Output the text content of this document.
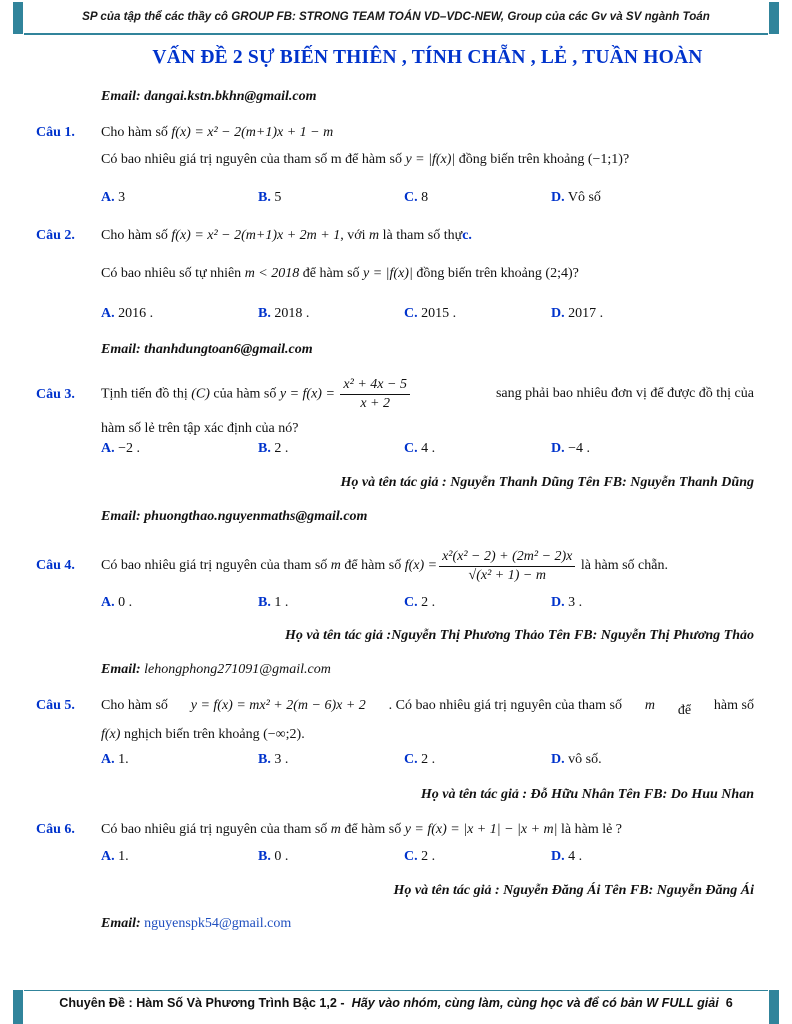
SP của tập thể các thầy cô GROUP FB: STRONG TEAM TOÁN VD–VDC-NEW, Group của các Gv và SV ngành Toán
VẤN ĐỀ 2 SỰ BIẾN THIÊN , TÍNH CHẴN , LẺ , TUẦN HOÀN
Email: dangai.kstn.bkhn@gmail.com
Câu 1. Cho hàm số f(x) = x² − 2(m+1)x + 1 − m
Có bao nhiêu giá trị nguyên của tham số m để hàm số y = |f(x)| đồng biến trên khoảng (−1;1)?
A. 3	B. 5	C. 8	D. Vô số
Câu 2. Cho hàm số f(x) = x² − 2(m+1)x + 2m + 1, với m là tham số thực.
Có bao nhiêu số tự nhiên m < 2018 để hàm số y = |f(x)| đồng biến trên khoảng (2;4)?
A. 2016 .	B. 2018 .	C. 2015 .	D. 2017 .
Email: thanhdungtoan6@gmail.com
Câu 3. Tịnh tiến đồ thị (C) của hàm số $y = f(x) = \frac{\text{x² + 4x − 5}}{x + 2}$	sang phải bao nhiêu đơn vị để được đồ thị của
hàm số lẻ trên tập xác định của nó?
A. −2 .	B. 2 .	C. 4 .	D. −4 .
Họ và tên tác giả : Nguyễn Thanh Dũng Tên FB: Nguyễn Thanh Dũng
Email: phuongthao.nguyenmaths@gmail.com
Câu 4. Có bao nhiêu giá trị nguyên của tham số
m
để hàm số
$f(x) = \frac{\text{x²(x² − 2) + (2m² − 2)x}}{\text{√(x² + 1) − m}}$
là hàm số chẵn.
A. 0 .	B. 1 .	C. 2 .	D. 3 .
Họ và tên tác giả :Nguyễn Thị Phương Thảo Tên FB: Nguyễn Thị Phương Thảo
Email: lehongphong271091@gmail.com
Câu 5. Cho hàm số y = f(x) = mx² + 2(m − 6)x + 2 . Có bao nhiêu giá trị nguyên của tham số m để hàm số
f(x) nghịch biến trên khoảng (−∞;2).
A. 1.	B. 3 .	C. 2 .	D. vô số.
Họ và tên tác giả : Đỗ Hữu Nhân Tên FB: Do Huu Nhan
Câu 6. Có bao nhiêu giá trị nguyên của tham số m để hàm số y = f(x) = |x + 1| − |x + m| là hàm lẻ ?
A. 1.	B. 0 .	C. 2 .	D. 4 .
Họ và tên tác giả : Nguyễn Đăng Ái Tên FB: Nguyễn Đăng Ái
Email: nguyenspk54@gmail.com
Chuyên Đề : Hàm Số Và Phương Trình Bậc 1,2 - Hãy vào nhóm, cùng làm, cùng học và để có bản W FULL giải 6
